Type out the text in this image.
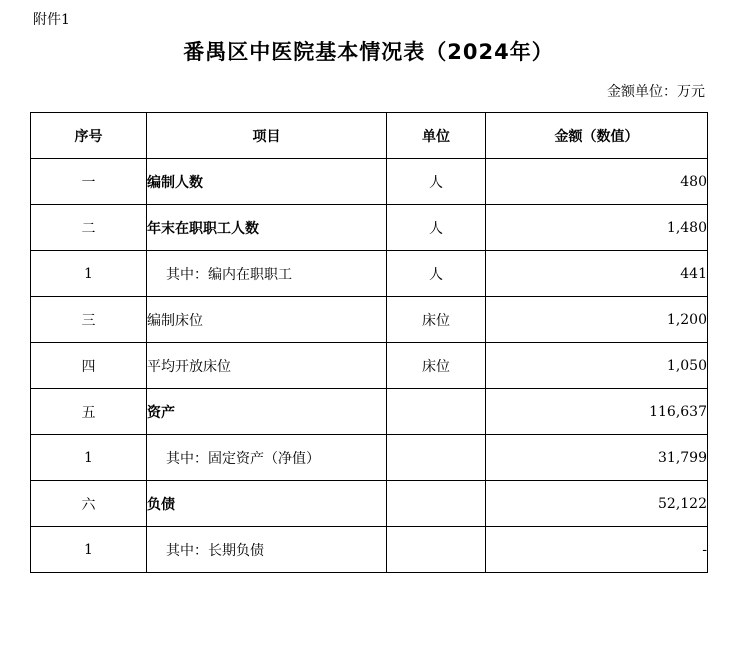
附件1
番禺区中医院基本情况表（2024年）
金额单位：万元
序号	项目	单位	金额（数值）
一	编制人数	人	480
二	年末在职职工人数	人	1,480
1	其中：编内在职职工	人	441
三	编制床位	床位	1,200
四	平均开放床位	床位	1,050
五	资产		116,637
1	其中：固定资产（净值）		31,799
六	负债		52,122
1	其中：长期负债		-
